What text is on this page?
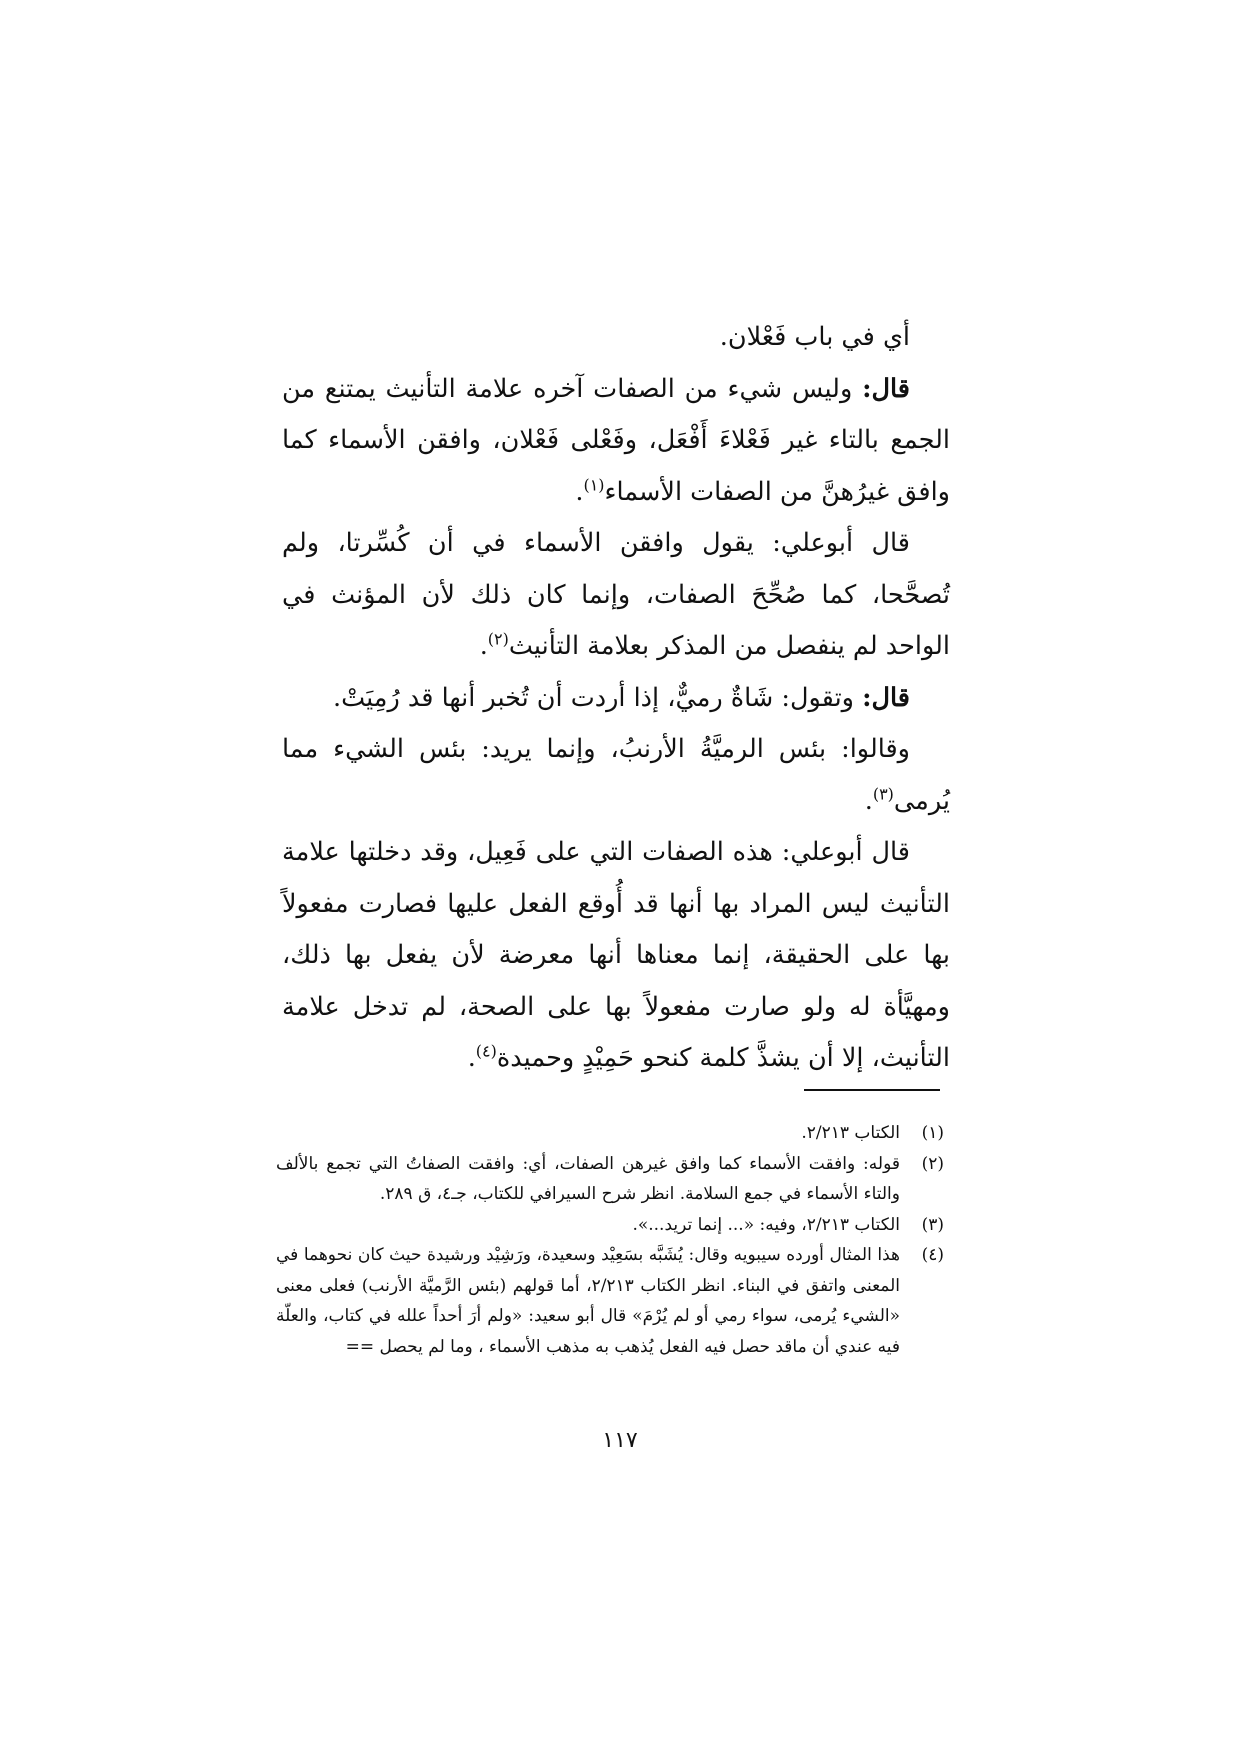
أي في باب فَعْلان.

قال: وليس شيء من الصفات آخره علامة التأنيث يمتنع من الجمع بالتاء غير فَعْلاءَ أَفْعَل، وفَعْلى فَعْلان، وافقن الأسماء كما وافق غيرُهنَّ من الصفات الأسماء$^{(١)}$.

قال أبوعلي: يقول وافقن الأسماء في أن كُسِّرتا، ولم تُصحَّحا، كما صُحِّحَ الصفات، وإنما كان ذلك لأن المؤنث في الواحد لم ينفصل من المذكر بعلامة التأنيث$^{(٢)}$.

قال: وتقول: شَاةٌ رميٌّ، إذا أردت أن تُخبر أنها قد رُمِيَتْ.

وقالوا: بئس الرميَّةُ الأرنبُ، وإنما يريد: بئس الشيء مما يُرمى$^{(٣)}$.

قال أبوعلي: هذه الصفات التي على فَعِيل، وقد دخلتها علامة التأنيث ليس المراد بها أنها قد أُوقع الفعل عليها فصارت مفعولاً بها على الحقيقة، إنما معناها أنها معرضة لأن يفعل بها ذلك، ومهيَّأة له ولو صارت مفعولاً بها على الصحة، لم تدخل علامة التأنيث، إلا أن يشذَّ كلمة كنحو حَمِيْدٍ وحميدة$^{(٤)}$.

(١)
الكتاب ٢/٢١٣.
(٢)
قوله: وافقت الأسماء كما وافق غيرهن الصفات، أي: وافقت الصفاتُ التي تجمع بالألف والتاء الأسماء في جمع السلامة. انظر شرح السيرافي للكتاب، جـ٤، ق ٢٨٩.
(٣)
الكتاب ٢/٢١٣، وفيه: «... إنما تريد...».
(٤)
هذا المثال أورده سيبويه وقال: يُشَبَّه بسَعِيْد وسعيدة، ورَشِيْد ورشيدة حيث كان نحوهما في المعنى واتفق في البناء. انظر الكتاب ٢/٢١٣، أما قولهم (بئس الرَّميَّة الأرنب) فعلى معنى «الشيء يُرمى، سواء رمي أو لم يُرْمَ» قال أبو سعيد: «ولم أرَ أحداً علله في كتاب، والعلّة فيه عندي أن ماقد حصل فيه الفعل يُذهب به مذهب الأسماء ، وما لم يحصل ==
١١٧
